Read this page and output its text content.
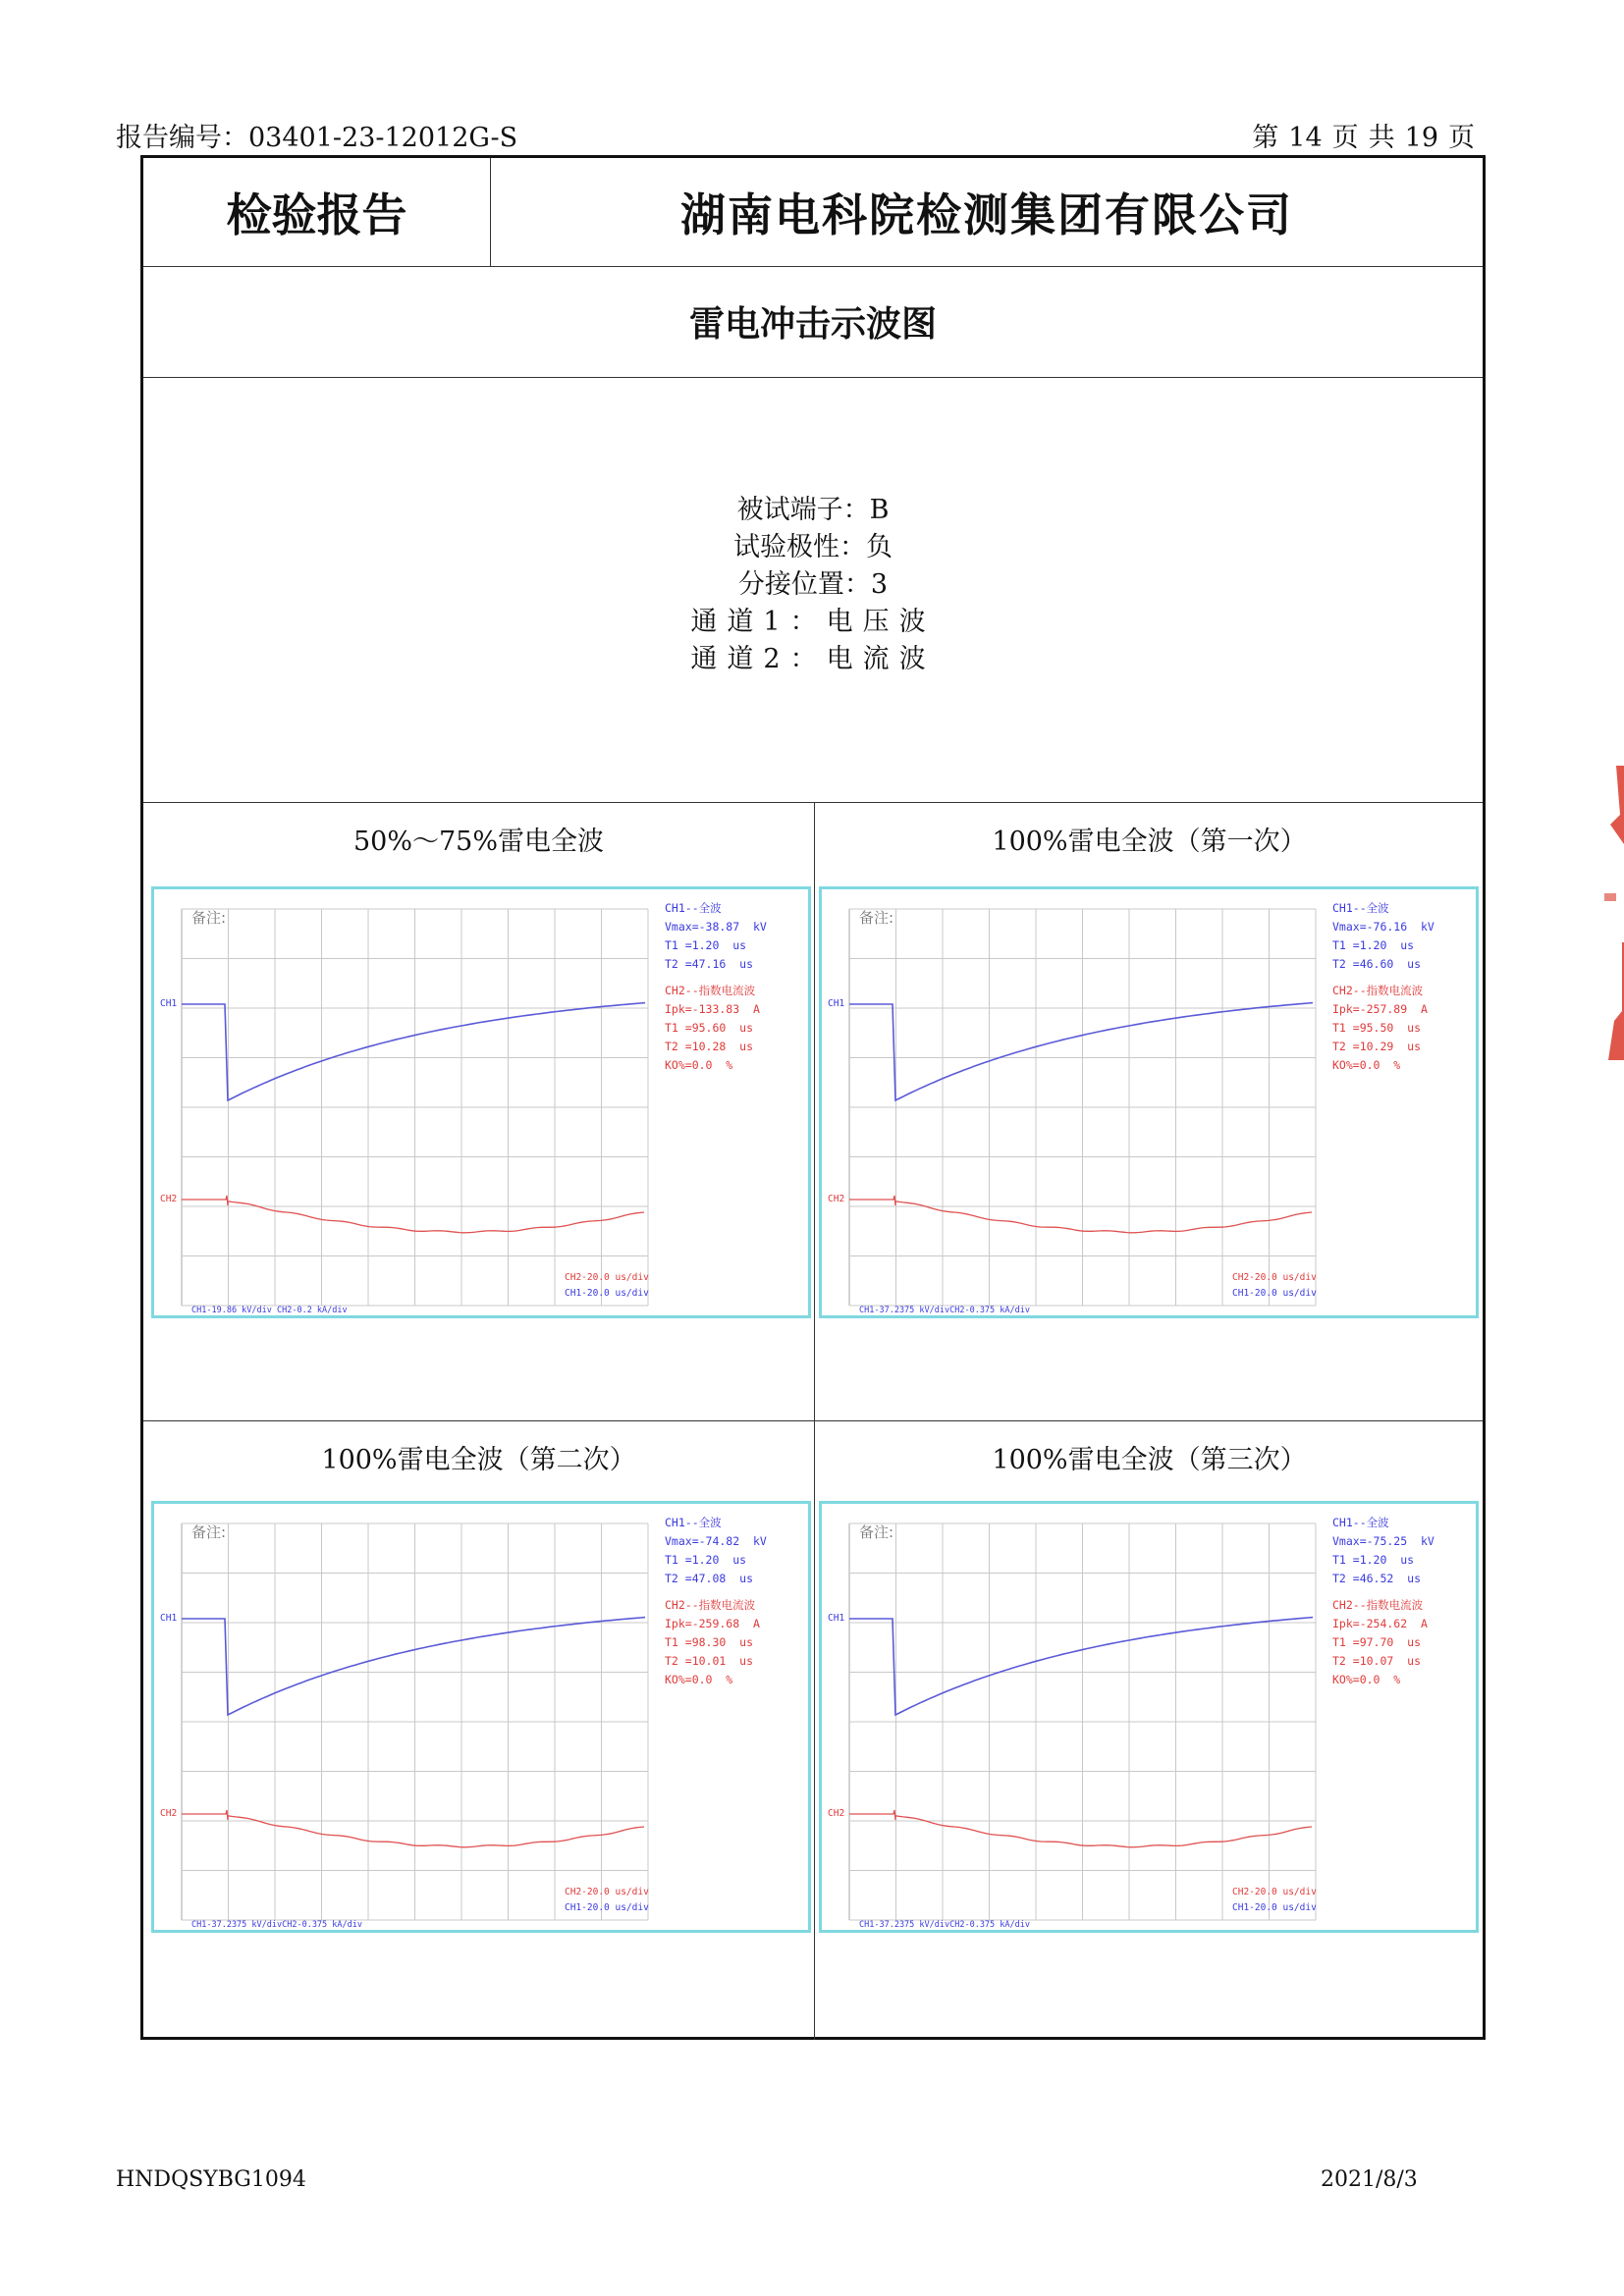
报告编号：03401-23-12012G-S	第 14 页 共 19 页
检验报告	湖南电科院检测集团有限公司
雷电冲击示波图
被试端子：B
试验极性：负
分接位置：3
通道1：电压波
通道2：电流波
50%～75%雷电全波
备注:
CH1
CH2
CH2-20.0 us/div
CH1-20.0 us/div
CH1-19.86 kV/div CH2-0.2 kA/div
CH1--全波
Vmax=-38.87  kV
T1 =1.20  us
T2 =47.16  us
CH2--指数电流波
Ipk=-133.83  A
T1 =95.60  us
T2 =10.28  us
KO%=0.0  %
100%雷电全波（第一次）
备注:
CH1
CH2
CH2-20.0 us/div
CH1-20.0 us/div
CH1-37.2375 kV/divCH2-0.375 kA/div
CH1--全波
Vmax=-76.16  kV
T1 =1.20  us
T2 =46.60  us
CH2--指数电流波
Ipk=-257.89  A
T1 =95.50  us
T2 =10.29  us
KO%=0.0  %
100%雷电全波（第二次）
备注:
CH1
CH2
CH2-20.0 us/div
CH1-20.0 us/div
CH1-37.2375 kV/divCH2-0.375 kA/div
CH1--全波
Vmax=-74.82  kV
T1 =1.20  us
T2 =47.08  us
CH2--指数电流波
Ipk=-259.68  A
T1 =98.30  us
T2 =10.01  us
KO%=0.0  %
100%雷电全波（第三次）
备注:
CH1
CH2
CH2-20.0 us/div
CH1-20.0 us/div
CH1-37.2375 kV/divCH2-0.375 kA/div
CH1--全波
Vmax=-75.25  kV
T1 =1.20  us
T2 =46.52  us
CH2--指数电流波
Ipk=-254.62  A
T1 =97.70  us
T2 =10.07  us
KO%=0.0  %
HNDQSYBG1094	2021/8/3
